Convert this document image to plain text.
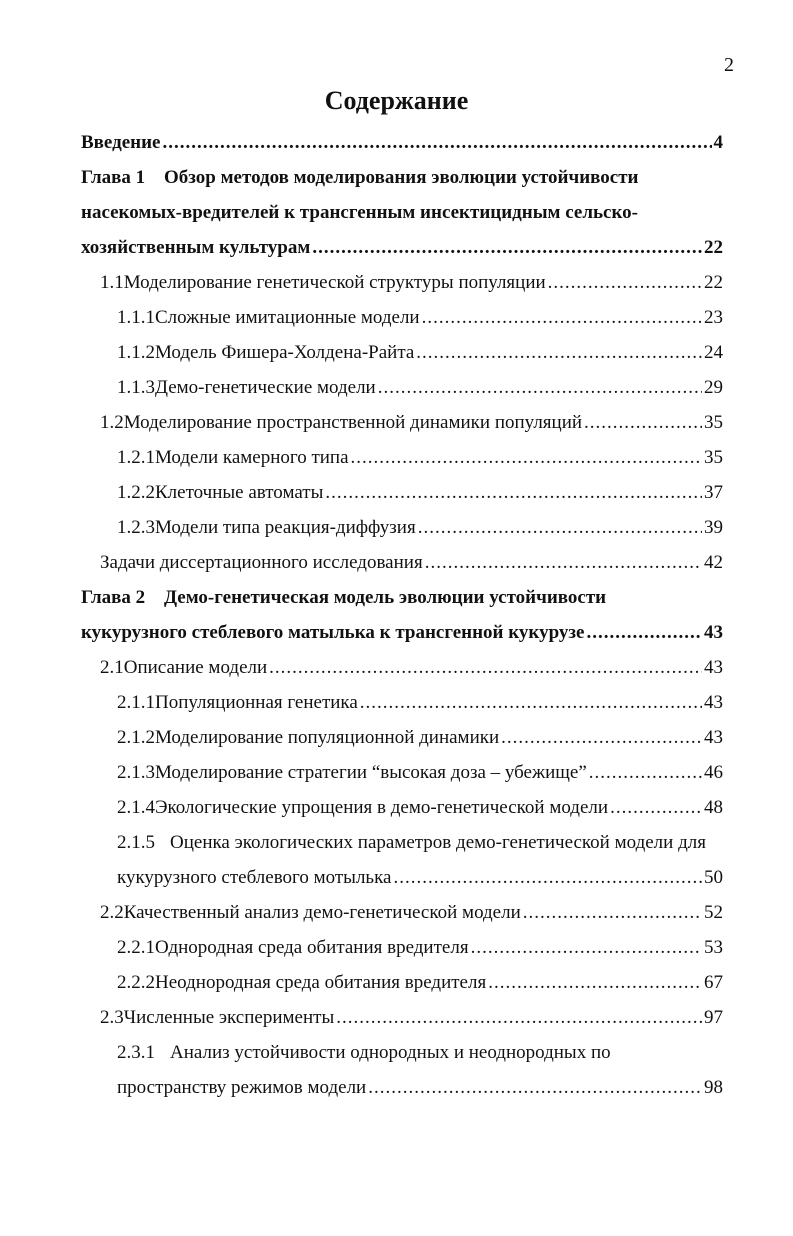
2
Содержание
Введение .....	4
Глава 1 Обзор методов моделирования эволюции устойчивости
насекомых-вредителей к трансгенным инсектицидным сельско-
хозяйственным культурам .....	22
1.1 Моделирование генетической структуры популяции .....	22
1.1.1 Сложные имитационные модели .....	23
1.1.2 Модель Фишера-Холдена-Райта .....	24
1.1.3 Демо-генетические модели .....	29
1.2 Моделирование пространственной динамики популяций .....	35
1.2.1 Модели камерного типа .....	35
1.2.2 Клеточные автоматы .....	37
1.2.3 Модели типа реакция-диффузия .....	39
Задачи диссертационного исследования .....	42
Глава 2 Демо-генетическая модель эволюции устойчивости
кукурузного стеблевого матылька к трансгенной кукурузе .....	43
2.1 Описание модели .....	43
2.1.1 Популяционная генетика .....	43
2.1.2 Моделирование популяционной динамики .....	43
2.1.3 Моделирование стратегии “высокая доза – убежище” .....	46
2.1.4 Экологические упрощения в демо-генетической модели .....	48
2.1.5 Оценка экологических параметров демо-генетической модели для
кукурузного стеблевого мотылька .....	50
2.2 Качественный анализ демо-генетической модели .....	52
2.2.1 Однородная среда обитания вредителя .....	53
2.2.2 Неоднородная среда обитания вредителя .....	67
2.3 Численные эксперименты .....	97
2.3.1 Анализ устойчивости однородных и неоднородных по
пространству режимов модели .....	98
